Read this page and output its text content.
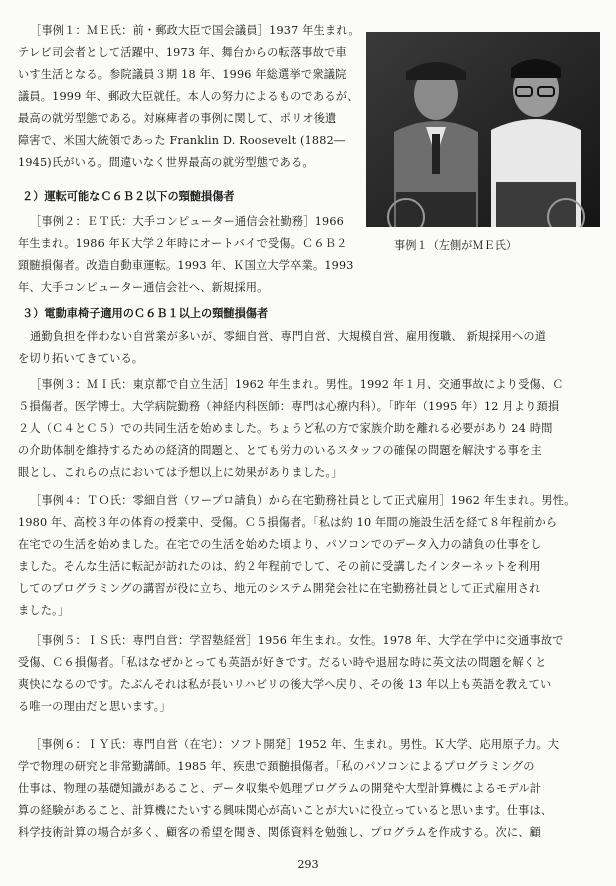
［事例１：ＭＥ氏：前・郵政大臣で国会議員］1937 年生まれ。
テレビ司会者として活躍中、1973 年、舞台からの転落事故で車
いす生活となる。参院議員３期 18 年、1996 年総選挙で衆議院
議員。1999 年、郵政大臣就任。本人の努力によるものであるが、
最高の就労型態である。対麻痺者の事例に関して、ポリオ後遺
障害で、米国大統領であった Franklin D. Roosevelt (1882―
1945)氏がいる。間違いなく世界最高の就労型態である。
２）運転可能なＣ６Ｂ２以下の頸髄損傷者
［事例２：ＥＴ氏：大手コンピューター通信会社勤務］1966
年生まれ。1986 年Ｋ大学２年時にオートバイで受傷。Ｃ６Ｂ２
頸髄損傷者。改造自動車運転。1993 年、Ｋ国立大学卒業。1993
年、大手コンピューター通信会社へ、新規採用。
事例１（左側がＭＥ氏）
３）電動車椅子適用のＣ６Ｂ１以上の頸髄損傷者
通勤負担を伴わない自営業が多いが、零細自営、専門自営、大規模自営、雇用復職、 新規採用への道
を切り拓いてきている。
［事例３：ＭＩ氏：東京都で自立生活］1962 年生まれ。男性。1992 年１月、交通事故により受傷、Ｃ
５損傷者。医学博士。大学病院勤務（神経内科医師：専門は心療内科）。「昨年（1995 年）12 月より頚損
２人（Ｃ４とＣ５）での共同生活を始めました。ちょうど私の方で家族介助を離れる必要があり 24 時間
の介助体制を維持するための経済的問題と、とても労力のいるスタッフの確保の問題を解決する事を主
眼とし、これらの点においては予想以上に効果がありました。」
［事例４：ＴＯ氏：零細自営（ワープロ請負）から在宅勤務社員として正式雇用］1962 年生まれ。男性。
1980 年、高校３年の体育の授業中、受傷。Ｃ５損傷者。「私は約 10 年間の施設生活を経て８年程前から
在宅での生活を始めました。在宅での生活を始めた頃より、パソコンでのデータ入力の請負の仕事をし
ました。そんな生活に転記が訪れたのは、約２年程前でして、その前に受講したインターネットを利用
してのプログラミングの講習が役に立ち、地元のシステム開発会社に在宅勤務社員として正式雇用され
ました。」
［事例５：ＩＳ氏：専門自営：学習塾経営］1956 年生まれ。女性。1978 年、大学在学中に交通事故で
受傷、Ｃ６損傷者。「私はなぜかとっても英語が好きです。だるい時や退屈な時に英文法の問題を解くと
爽快になるのです。たぶんそれは私が長いリハビリの後大学へ戻り、その後 13 年以上も英語を教えてい
る唯一の理由だと思います。」
［事例６：ＩＹ氏：専門自営（在宅）：ソフト開発］1952 年、生まれ。男性。Ｋ大学、応用原子力。大
学で物理の研究と非常勤講師。1985 年、疾患で頚髄損傷者。「私のパソコンによるプログラミングの
仕事は、物理の基礎知識があること、データ収集や処理プログラムの開発や大型計算機によるモデル計
算の経験があること、計算機にたいする興味関心が高いことが大いに役立っていると思います。仕事は、
科学技術計算の場合が多く、顧客の希望を聞き、関係資料を勉強し、プログラムを作成する。次に、顧
293
